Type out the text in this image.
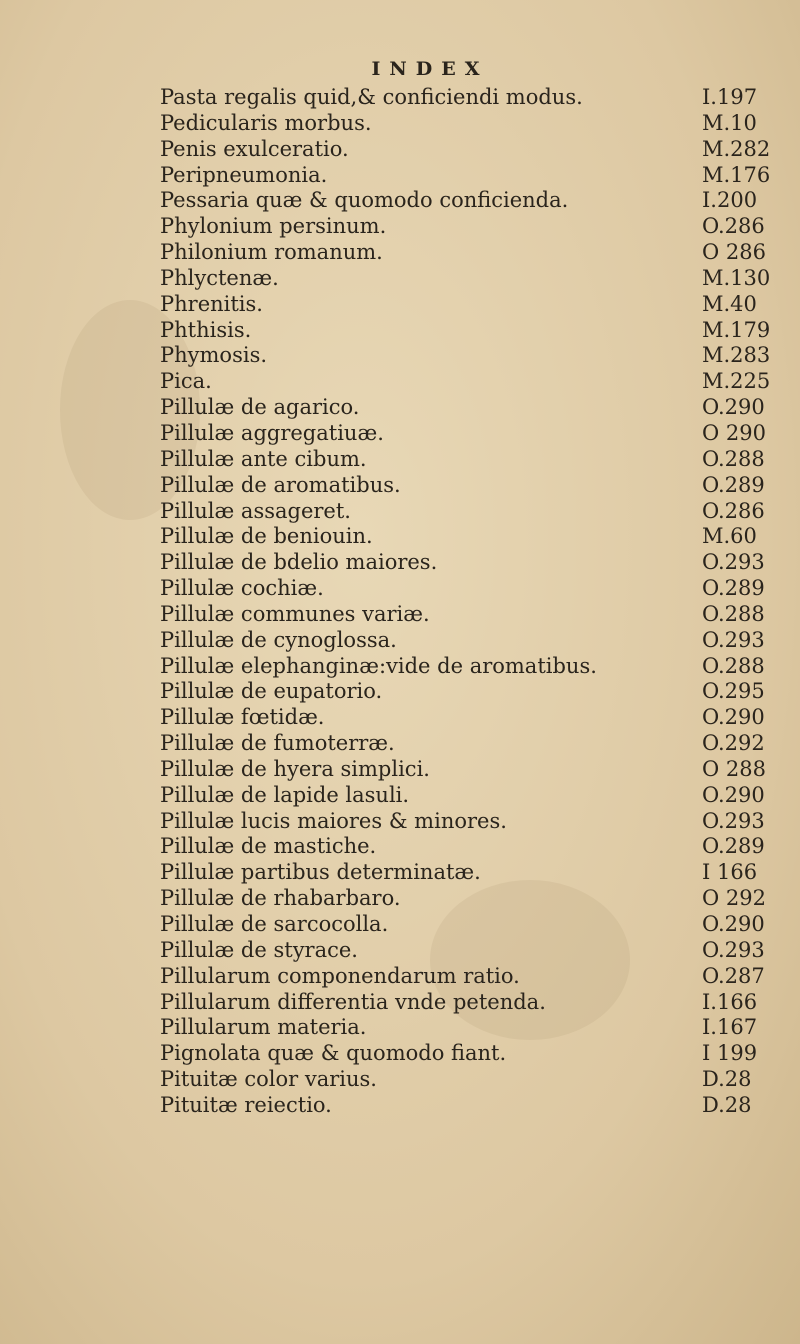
INDEX
Pasta regalis quid,& conficiendi modus.
Pedicularis morbus.
Penis exulceratio.
Peripneumonia.
Pessaria quæ & quomodo conficienda.
Phylonium persinum.
Philonium romanum.
Phlyctenæ.
Phrenitis.
Phthisis.
Phymosis.
Pica.
Pillulæ de agarico.
Pillulæ aggregatiuæ.
Pillulæ ante cibum.
Pillulæ de aromatibus.
Pillulæ assageret.
Pillulæ de beniouin.
Pillulæ de bdelio maiores.
Pillulæ cochiæ.
Pillulæ communes variæ.
Pillulæ de cynoglossa.
Pillulæ elephanginæ:vide de aromatibus.
Pillulæ de eupatorio.
Pillulæ fœtidæ.
Pillulæ de fumoterræ.
Pillulæ de hyera simplici.
Pillulæ de lapide lasuli.
Pillulæ lucis maiores & minores.
Pillulæ de mastiche.
Pillulæ partibus determinatæ.
Pillulæ de rhabarbaro.
Pillulæ de sarcocolla.
Pillulæ de styrace.
Pillularum componendarum ratio.
Pillularum differentia vnde petenda.
Pillularum materia.
Pignolata quæ & quomodo fiant.
Pituitæ color varius.
Pituitæ reiectio.
I.197
M.10
M.282
M.176
I.200
O.286
O 286
M.130
M.40
M.179
M.283
M.225
O.290
O 290
O.288
O.289
O.286
M.60
O.293
O.289
O.288
O.293
O.288
O.295
O.290
O.292
O 288
O.290
O.293
O.289
I 166
O 292
O.290
O.293
O.287
I.166
I.167
I 199
D.28
D.28
